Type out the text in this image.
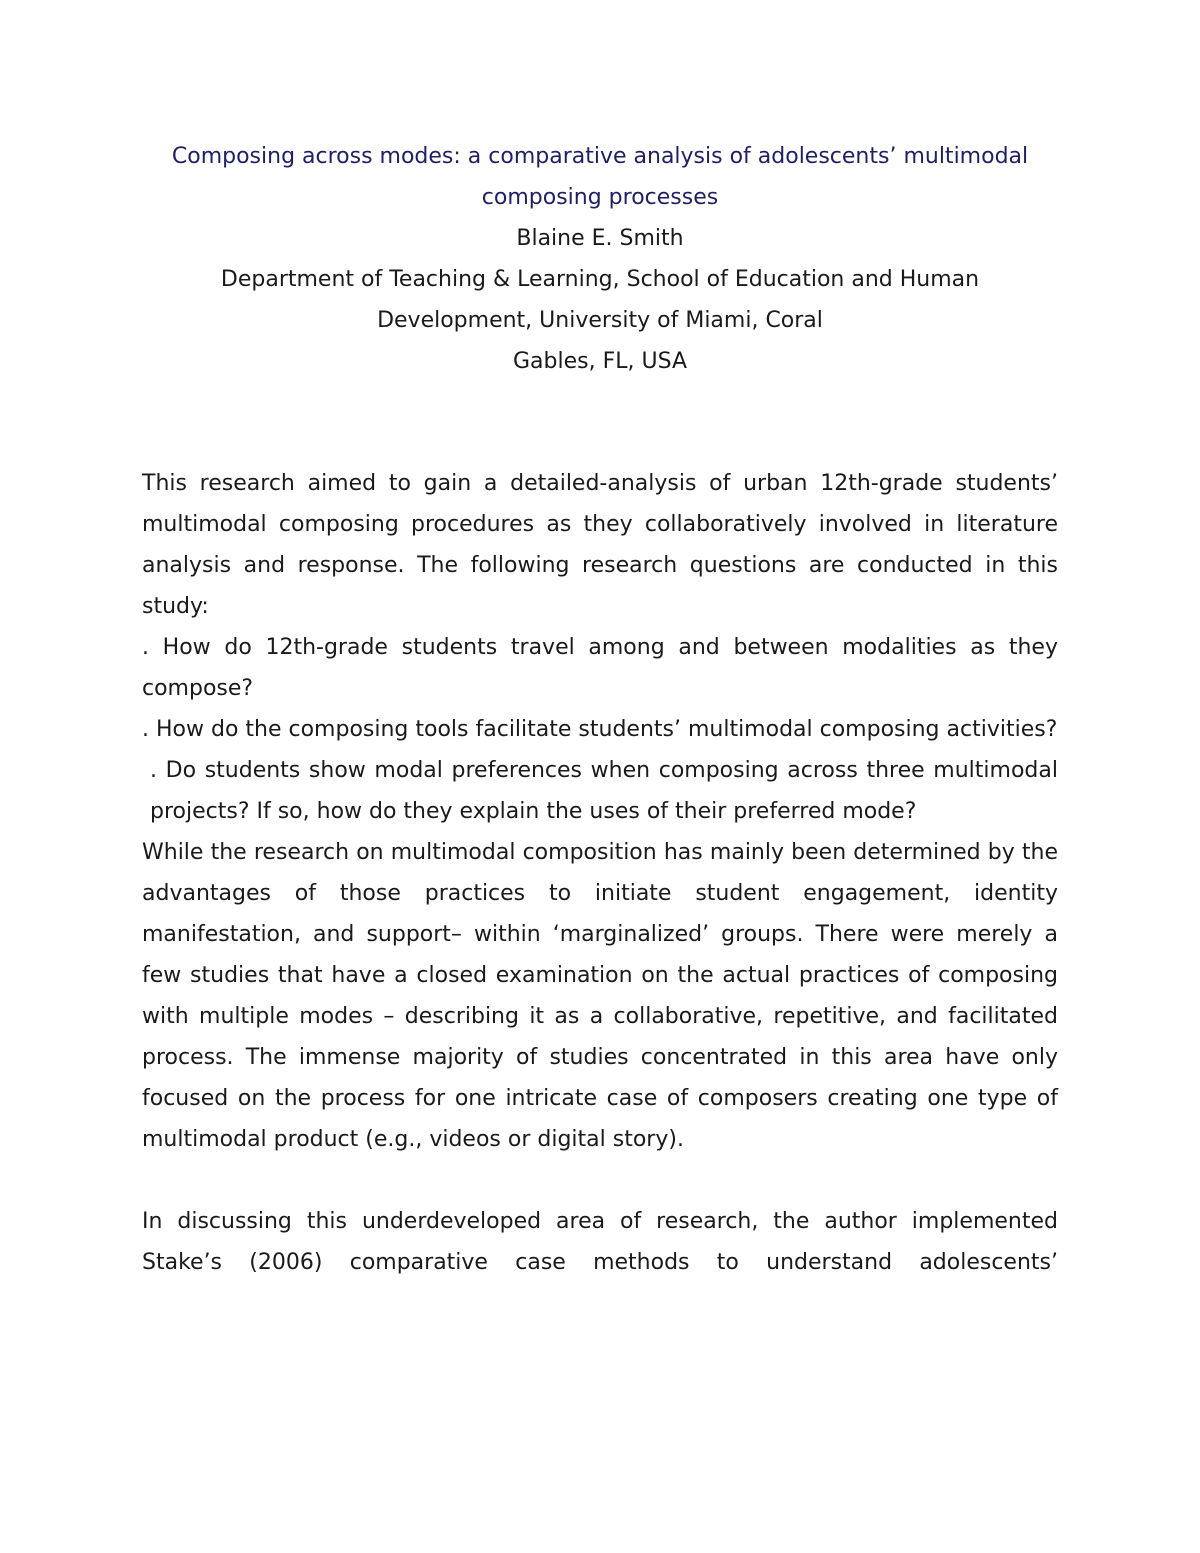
Composing across modes: a comparative analysis of adolescents’ multimodal
composing processes
Blaine E. Smith
Department of Teaching & Learning, School of Education and Human
Development, University of Miami, Coral
Gables, FL, USA

This research aimed to gain a detailed-analysis of urban 12th-grade students’ multimodal composing procedures as they collaboratively involved in literature analysis and response. The following research questions are conducted in this study:

. How do 12th-grade students travel among and between modalities as they compose?

. How do the composing tools facilitate students’ multimodal composing activities?

. Do students show modal preferences when composing across three multimodal projects? If so, how do they explain the uses of their preferred mode?

While the research on multimodal composition has mainly been determined by the advantages of those practices to initiate student engagement, identity manifestation, and support– within ‘marginalized’ groups. There were merely a few studies that have a closed examination on the actual practices of composing with multiple modes – describing it as a collaborative, repetitive, and facilitated process. The immense majority of studies concentrated in this area have only focused on the process for one intricate case of composers creating one type of multimodal product (e.g., videos or digital story).

In discussing this underdeveloped area of research, the author implemented Stake’s (2006) comparative case methods to understand adolescents’
